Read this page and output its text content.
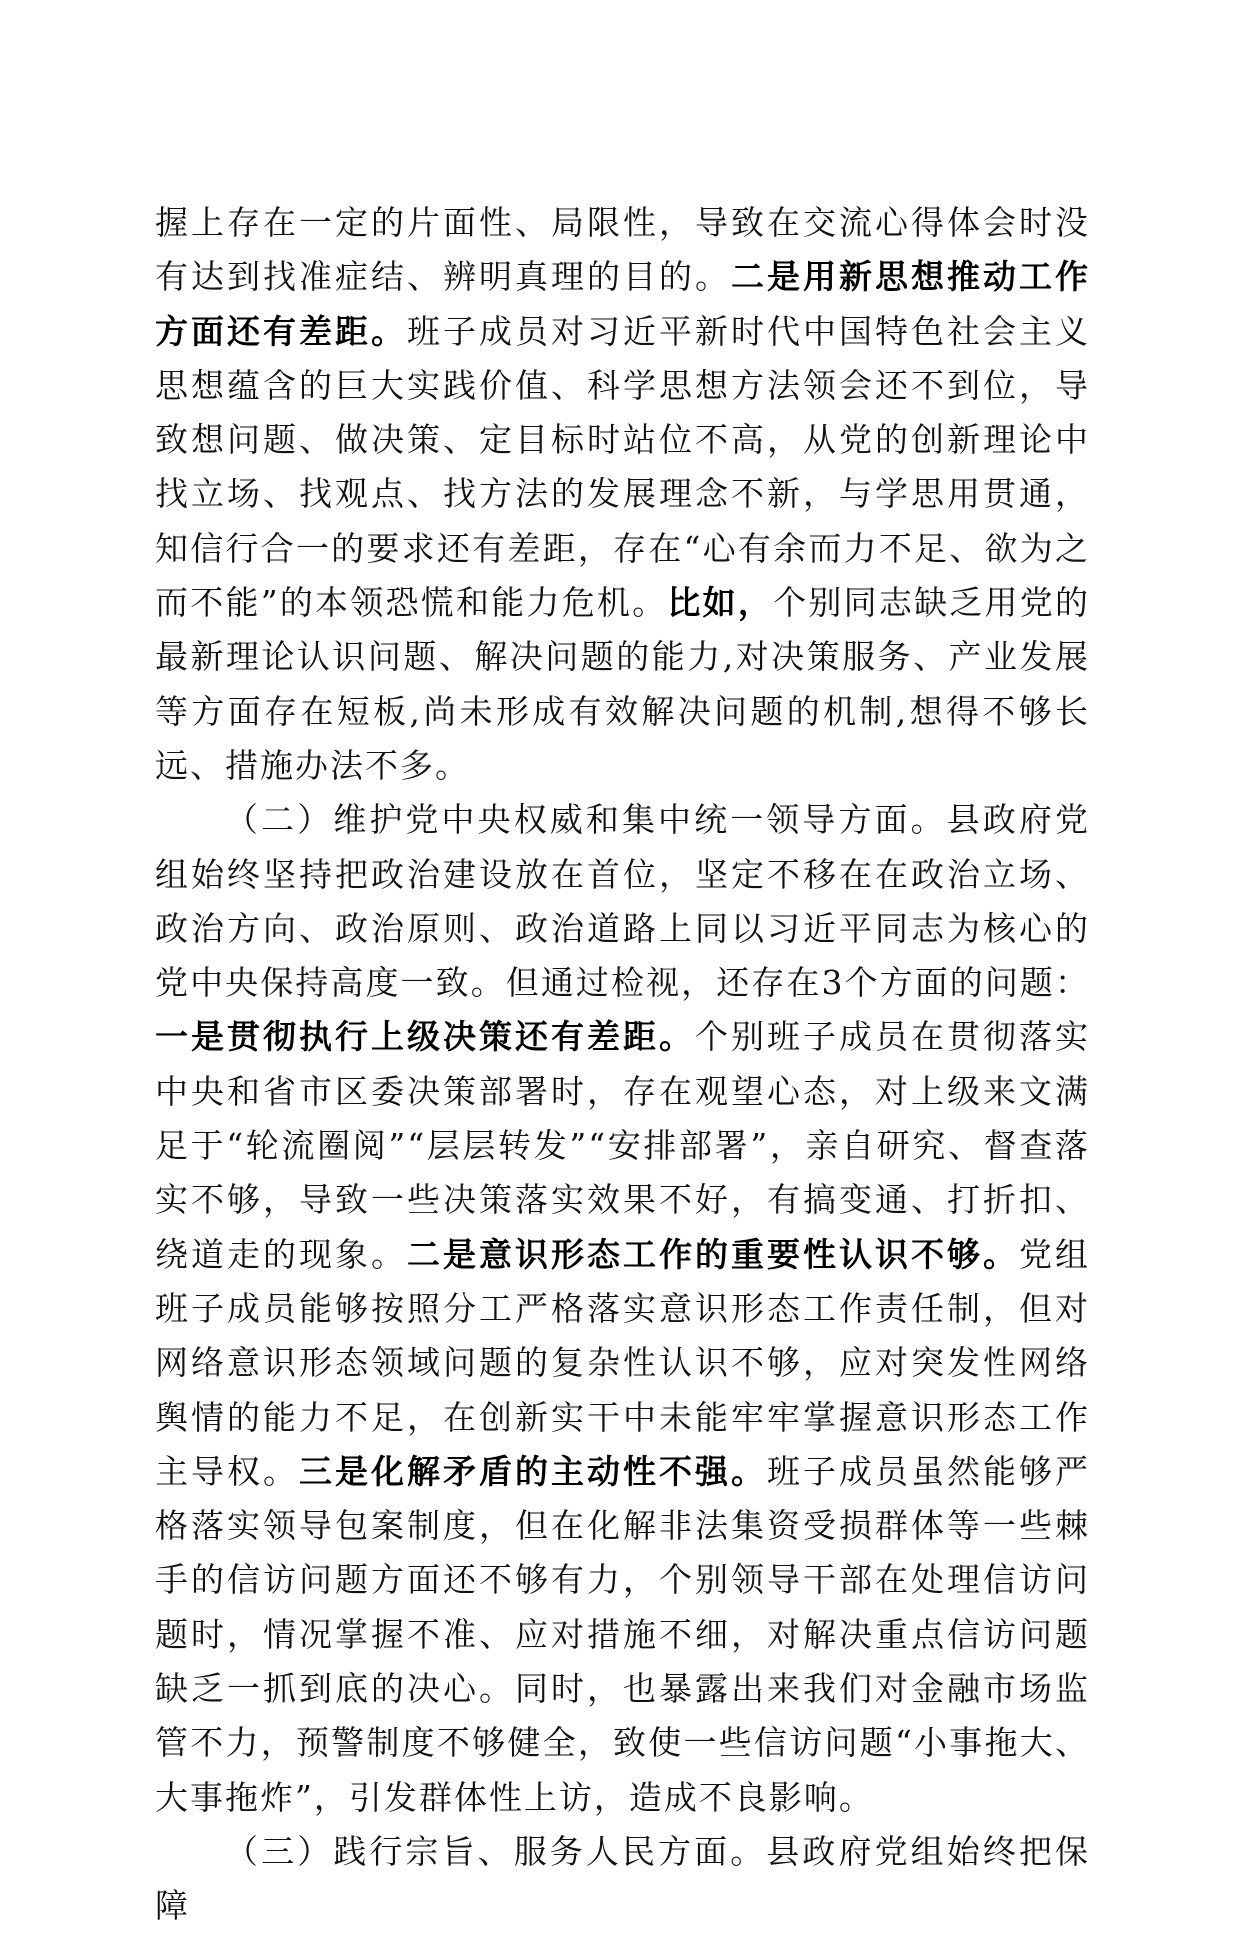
握上存在一定的片面性、局限性，导致在交流心得体会时没有达到找准症结、辨明真理的目的。二是用新思想推动工作方面还有差距。班子成员对习近平新时代中国特色社会主义思想蕴含的巨大实践价值、科学思想方法领会还不到位，导致想问题、做决策、定目标时站位不高，从党的创新理论中找立场、找观点、找方法的发展理念不新，与学思用贯通，知信行合一的要求还有差距，存在“心有余而力不足、欲为之而不能”的本领恐慌和能力危机。比如，个别同志缺乏用党的最新理论认识问题、解决问题的能力,对决策服务、产业发展等方面存在短板,尚未形成有效解决问题的机制,想得不够长远、措施办法不多。

（二）维护党中央权威和集中统一领导方面。县政府党组始终坚持把政治建设放在首位，坚定不移在在政治立场、政治方向、政治原则、政治道路上同以习近平同志为核心的党中央保持高度一致。但通过检视，还存在3个方面的问题：一是贯彻执行上级决策还有差距。个别班子成员在贯彻落实中央和省市区委决策部署时，存在观望心态，对上级来文满足于“轮流圈阅”“层层转发”“安排部署”，亲自研究、督查落实不够，导致一些决策落实效果不好，有搞变通、打折扣、绕道走的现象。二是意识形态工作的重要性认识不够。党组班子成员能够按照分工严格落实意识形态工作责任制，但对网络意识形态领域问题的复杂性认识不够，应对突发性网络舆情的能力不足，在创新实干中未能牢牢掌握意识形态工作主导权。三是化解矛盾的主动性不强。班子成员虽然能够严格落实领导包案制度，但在化解非法集资受损群体等一些棘手的信访问题方面还不够有力，个别领导干部在处理信访问题时，情况掌握不准、应对措施不细，对解决重点信访问题缺乏一抓到底的决心。同时，也暴露出来我们对金融市场监管不力，预警制度不够健全，致使一些信访问题“小事拖大、大事拖炸”，引发群体性上访，造成不良影响。

（三）践行宗旨、服务人民方面。县政府党组始终把保障
